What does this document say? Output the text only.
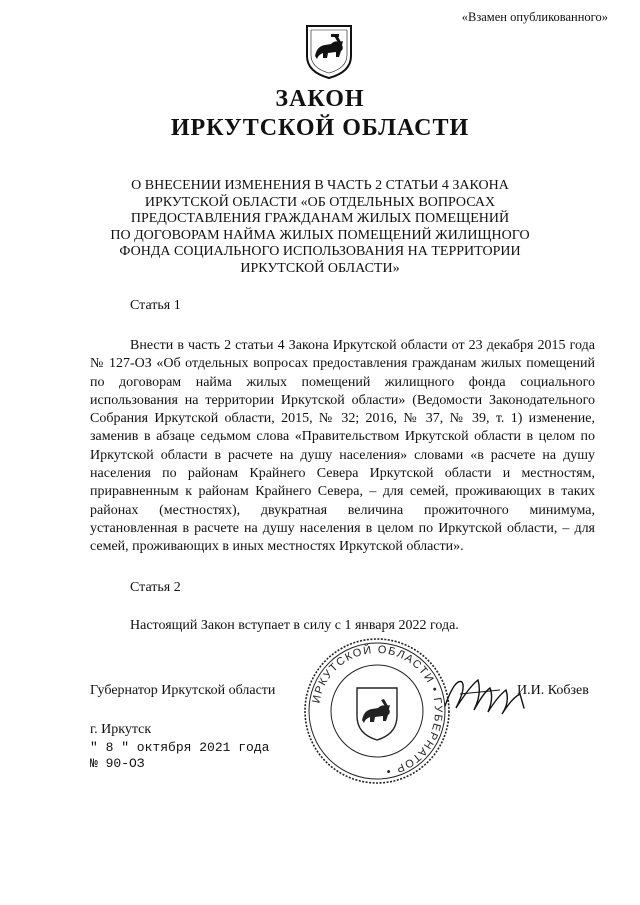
«Взамен опубликованного»
ЗАКОН
ИРКУТСКОЙ ОБЛАСТИ
О ВНЕСЕНИИ ИЗМЕНЕНИЯ В ЧАСТЬ 2 СТАТЬИ 4 ЗАКОНА
ИРКУТСКОЙ ОБЛАСТИ «ОБ ОТДЕЛЬНЫХ ВОПРОСАХ
ПРЕДОСТАВЛЕНИЯ ГРАЖДАНАМ ЖИЛЫХ ПОМЕЩЕНИЙ
ПО ДОГОВОРАМ НАЙМА ЖИЛЫХ ПОМЕЩЕНИЙ ЖИЛИЩНОГО
ФОНДА СОЦИАЛЬНОГО ИСПОЛЬЗОВАНИЯ НА ТЕРРИТОРИИ
ИРКУТСКОЙ ОБЛАСТИ»
Статья 1
Внести в часть 2 статьи 4 Закона Иркутской области от 23 декабря 2015 года № 127-ОЗ «Об отдельных вопросах предоставления гражданам жилых помещений по договорам найма жилых помещений жилищного фонда социального использования на территории Иркутской области» (Ведомости Законодательного Собрания Иркутской области, 2015, № 32; 2016, № 37, № 39, т. 1) изменение, заменив в абзаце седьмом слова «Правительством Иркутской области в целом по Иркутской области в расчете на душу населения» словами «в расчете на душу населения по районам Крайнего Севера Иркутской области и местностям, приравненным к районам Крайнего Севера, – для семей, проживающих в таких районах (местностях), двукратная величина прожиточного минимума, установленная в расчете на душу населения в целом по Иркутской области, – для семей, проживающих в иных местностях Иркутской области».
Статья 2
Настоящий Закон вступает в силу с 1 января 2022 года.
ИРКУТСКОЙ ОБЛАСТИ • ГУБЕРНАТОР •
Губернатор Иркутской области	И.И. Кобзев
г. Иркутск
" 8 " октября 2021 года
№ 90-ОЗ
